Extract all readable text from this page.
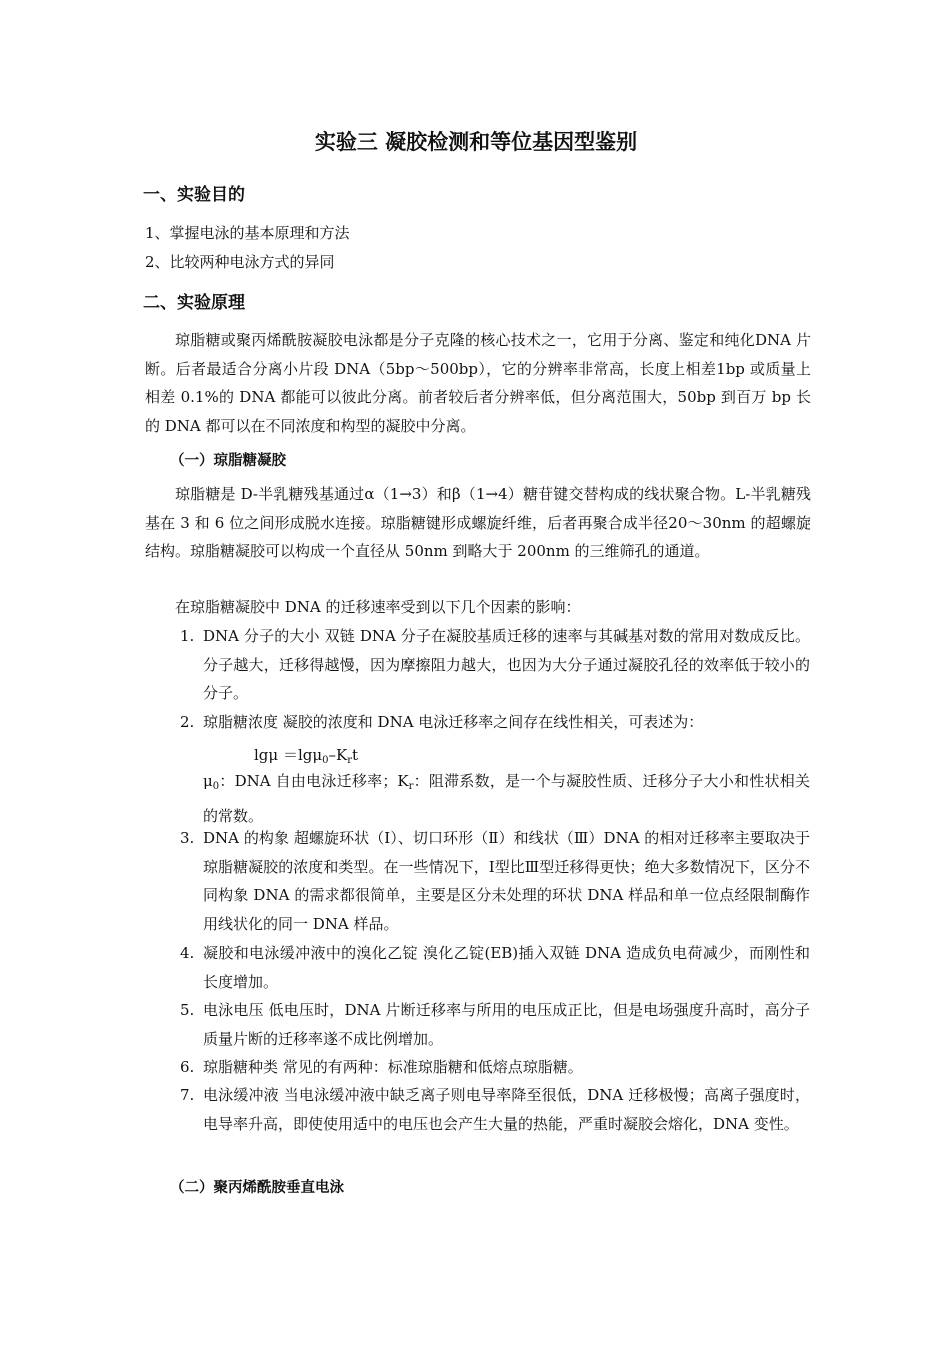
实验三 凝胶检测和等位基因型鉴别
一、实验目的
1、掌握电泳的基本原理和方法
2、比较两种电泳方式的异同
二、实验原理
琼脂糖或聚丙烯酰胺凝胶电泳都是分子克隆的核心技术之一，它用于分离、鉴定和纯化DNA 片断。后者最适合分离小片段 DNA（5bp～500bp），它的分辨率非常高，长度上相差1bp 或质量上相差 0.1%的 DNA 都能可以彼此分离。前者较后者分辨率低，但分离范围大，50bp 到百万 bp 长的 DNA 都可以在不同浓度和构型的凝胶中分离。
（一）琼脂糖凝胶
琼脂糖是 D-半乳糖残基通过α（1→3）和β（1→4）糖苷键交替构成的线状聚合物。L-半乳糖残基在 3 和 6 位之间形成脱水连接。琼脂糖键形成螺旋纤维，后者再聚合成半径20～30nm 的超螺旋结构。琼脂糖凝胶可以构成一个直径从 50nm 到略大于 200nm 的三维筛孔的通道。
在琼脂糖凝胶中 DNA 的迁移速率受到以下几个因素的影响：
1. DNA 分子的大小 双链 DNA 分子在凝胶基质迁移的速率与其碱基对数的常用对数成反比。分子越大，迁移得越慢，因为摩擦阻力越大，也因为大分子通过凝胶孔径的效率低于较小的分子。
2. 琼脂糖浓度 凝胶的浓度和 DNA 电泳迁移率之间存在线性相关，可表述为：
$\lg\mu =\lg\mu_0-K_rt$
$\mu_0$：DNA 自由电泳迁移率；$K_r$：阻滞系数，是一个与凝胶性质、迁移分子大小和性状相关的常数。
3. DNA 的构象 超螺旋环状（Ⅰ）、切口环形（Ⅱ）和线状（Ⅲ）DNA 的相对迁移率主要取决于琼脂糖凝胶的浓度和类型。在一些情况下，Ⅰ型比Ⅲ型迁移得更快；绝大多数情况下，区分不同构象 DNA 的需求都很简单，主要是区分未处理的环状 DNA 样品和单一位点经限制酶作用线状化的同一 DNA 样品。
4. 凝胶和电泳缓冲液中的溴化乙锭 溴化乙锭(EB)插入双链 DNA 造成负电荷减少，而刚性和长度增加。
5. 电泳电压 低电压时，DNA 片断迁移率与所用的电压成正比，但是电场强度升高时，高分子质量片断的迁移率遂不成比例增加。
6. 琼脂糖种类 常见的有两种：标准琼脂糖和低熔点琼脂糖。
7. 电泳缓冲液 当电泳缓冲液中缺乏离子则电导率降至很低，DNA 迁移极慢；高离子强度时，电导率升高，即使使用适中的电压也会产生大量的热能，严重时凝胶会熔化，DNA 变性。
（二）聚丙烯酰胺垂直电泳
